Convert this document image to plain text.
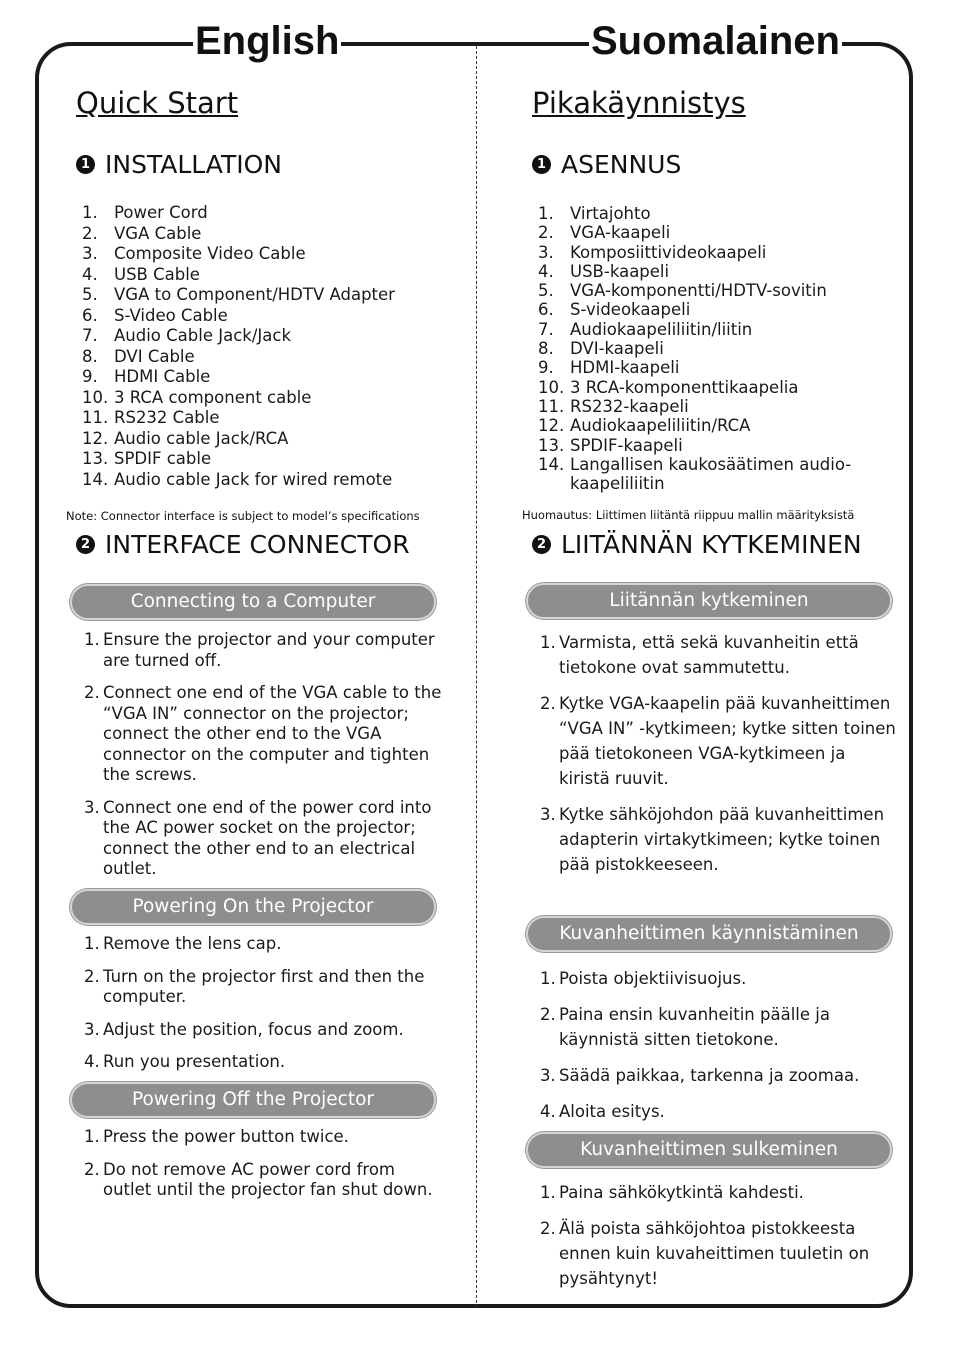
English	Suomalainen
Quick Start
1 INSTALLATION
1. Power Cord
2. VGA Cable
3. Composite Video Cable
4. USB Cable
5. VGA to Component/HDTV Adapter
6. S-Video Cable
7. Audio Cable Jack/Jack
8. DVI Cable
9. HDMI Cable
10. 3 RCA component cable
11. RS232 Cable
12. Audio cable Jack/RCA
13. SPDIF cable
14. Audio cable Jack for wired remote
Note: Connector interface is subject to model’s specifications
2 INTERFACE CONNECTOR
Connecting to a Computer
1. Ensure the projector and your computer are turned off.
2. Connect one end of the VGA cable to the “VGA IN” connector on the projector; connect the other end to the VGA connector on the computer and tighten the screws.
3. Connect one end of the power cord into the AC power socket on the projector; connect the other end to an electrical outlet.
Powering On the Projector
1. Remove the lens cap.
2. Turn on the projector first and then the computer.
3. Adjust the position, focus and zoom.
4. Run you presentation.
Powering Off the Projector
1. Press the power button twice.
2. Do not remove AC power cord from outlet until the projector fan shut down.
Pikakäynnistys
1 ASENNUS
1. Virtajohto
2. VGA-kaapeli
3. Komposiittivideokaapeli
4. USB-kaapeli
5. VGA-komponentti/HDTV-sovitin
6. S-videokaapeli
7. Audiokaapeliliitin/liitin
8. DVI-kaapeli
9. HDMI-kaapeli
10. 3 RCA-komponenttikaapelia
11. RS232-kaapeli
12. Audiokaapeliliitin/RCA
13. SPDIF-kaapeli
14. Langallisen kaukosäätimen audio-kaapeliliitin
Huomautus: Liittimen liitäntä riippuu mallin määrityksistä
2 LIITÄNNÄN KYTKEMINEN
Liitännän kytkeminen
1. Varmista, että sekä kuvanheitin että tietokone ovat sammutettu.
2. Kytke VGA-kaapelin pää kuvanheittimen “VGA IN” -kytkimeen; kytke sitten toinen pää tietokoneen VGA-kytkimeen ja kiristä ruuvit.
3. Kytke sähköjohdon pää kuvanheittimen adapterin virtakytkimeen; kytke toinen pää pistokkeeseen.
Kuvanheittimen käynnistäminen
1. Poista objektiivisuojus.
2. Paina ensin kuvanheitin päälle ja käynnistä sitten tietokone.
3. Säädä paikkaa, tarkenna ja zoomaa.
4. Aloita esitys.
Kuvanheittimen sulkeminen
1. Paina sähkökytkintä kahdesti.
2. Älä poista sähköjohtoa pistokkeesta ennen kuin kuvaheittimen tuuletin on pysähtynyt!
